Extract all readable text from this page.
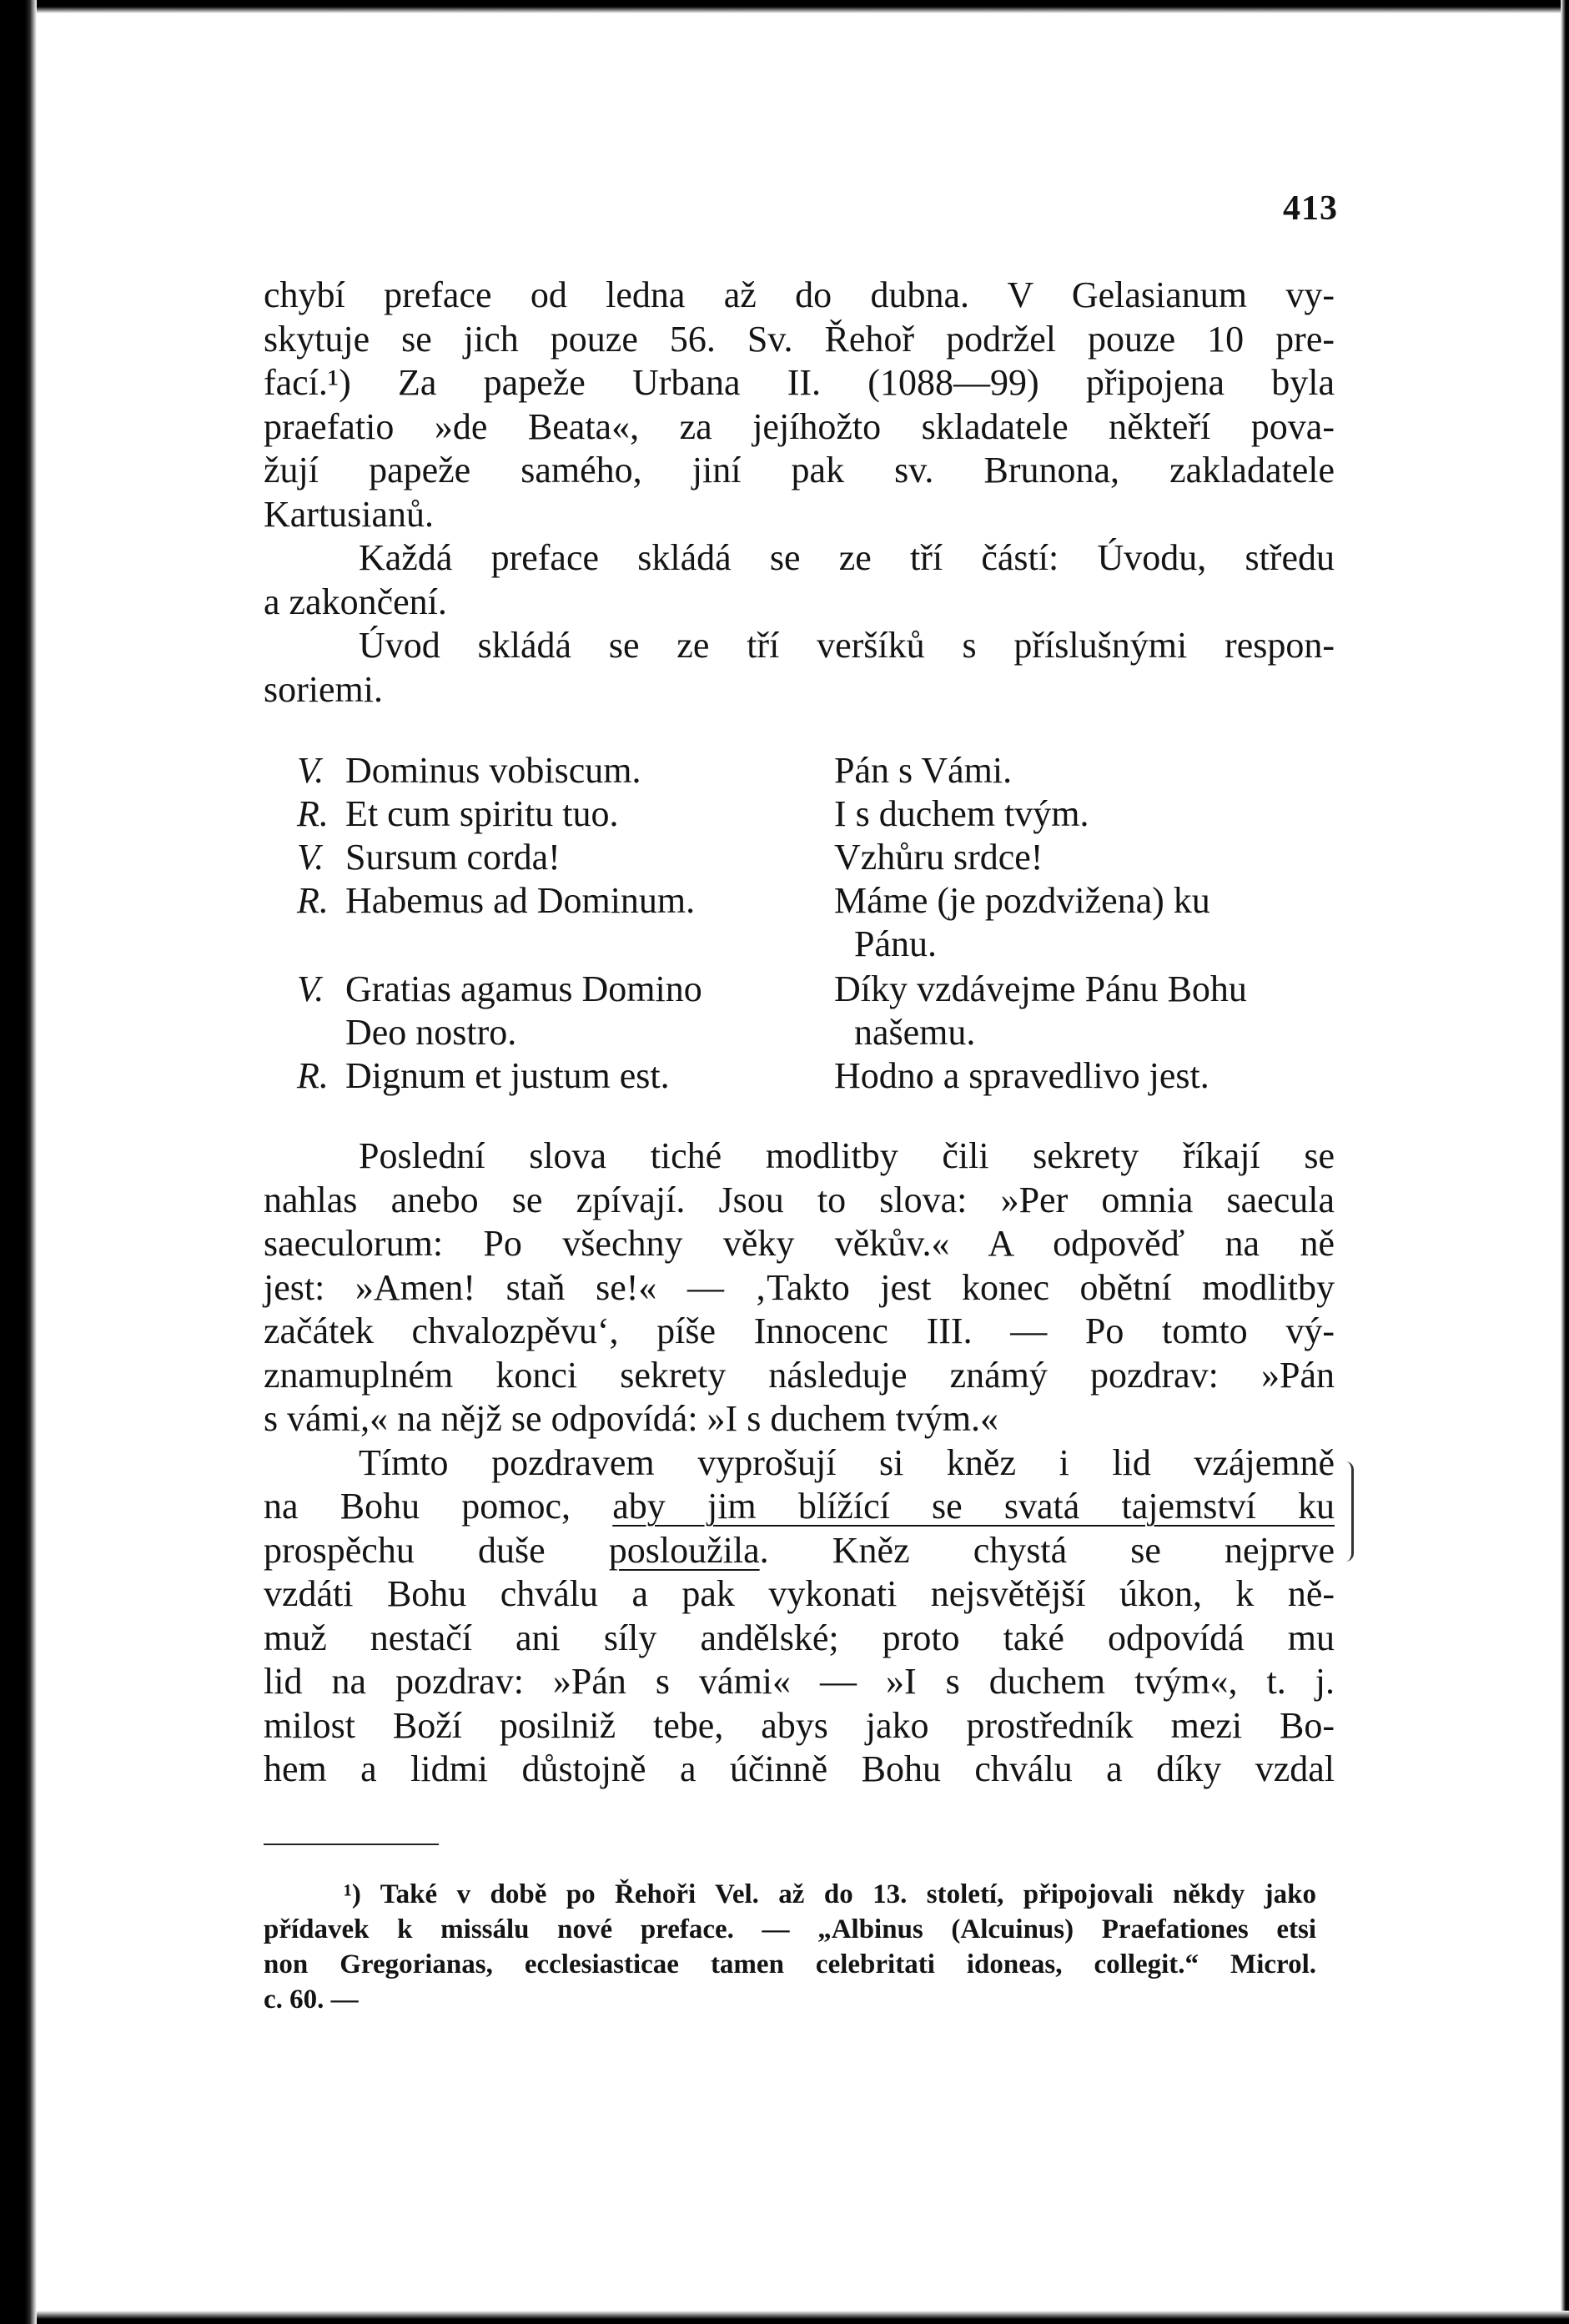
413
chybí preface od ledna až do dubna. V Gelasianum vy-
skytuje se jich pouze 56. Sv. Řehoř podržel pouze 10 pre-
fací.¹) Za papeže Urbana II. (1088—99) připojena byla
praefatio »de Beata«, za jejíhožto skladatele někteří pova-
žují papeže samého, jiní pak sv. Brunona, zakladatele
Kartusianů.
Každá preface skládá se ze tří částí: Úvodu, středu
a zakončení.
Úvod skládá se ze tří veršíků s příslušnými respon-
soriemi.
V. Dominus vobiscum.	Pán s Vámi.
R. Et cum spiritu tuo.	I s duchem tvým.
V. Sursum corda!	Vzhůru srdce!
R. Habemus ad Dominum.	Máme (je pozdvižena) ku
Pánu.
V. Gratias agamus Domino	Díky vzdávejme Pánu Bohu
Deo nostro.	našemu.
R. Dignum et justum est.	Hodno a spravedlivo jest.
Poslední slova tiché modlitby čili sekrety říkají se
nahlas anebo se zpívají. Jsou to slova: »Per omnia saecula
saeculorum: Po všechny věky věkův.« A odpověď na ně
jest: »Amen! staň se!« — ‚Takto jest konec obětní modlitby
začátek chvalozpěvu‘, píše Innocenc III. — Po tomto vý-
znamuplném konci sekrety následuje známý pozdrav: »Pán
s vámi,« na nějž se odpovídá: »I s duchem tvým.«
Tímto pozdravem vyprošují si kněz i lid vzájemně
na Bohu pomoc, aby jim blížící se svatá tajemství ku
prospěchu duše posloužila. Kněz chystá se nejprve
vzdáti Bohu chválu a pak vykonati nejsvětější úkon, k ně-
muž nestačí ani síly andělské; proto také odpovídá mu
lid na pozdrav: »Pán s vámi« — »I s duchem tvým«, t. j.
milost Boží posilniž tebe, abys jako prostředník mezi Bo-
hem a lidmi důstojně a účinně Bohu chválu a díky vzdal
¹) Také v době po Řehoři Vel. až do 13. století, připojovali někdy jako
přídavek k missálu nové preface. — „Albinus (Alcuinus) Praefationes etsi
non Gregorianas, ecclesiasticae tamen celebritati idoneas, collegit.“ Microl.
c. 60. —
